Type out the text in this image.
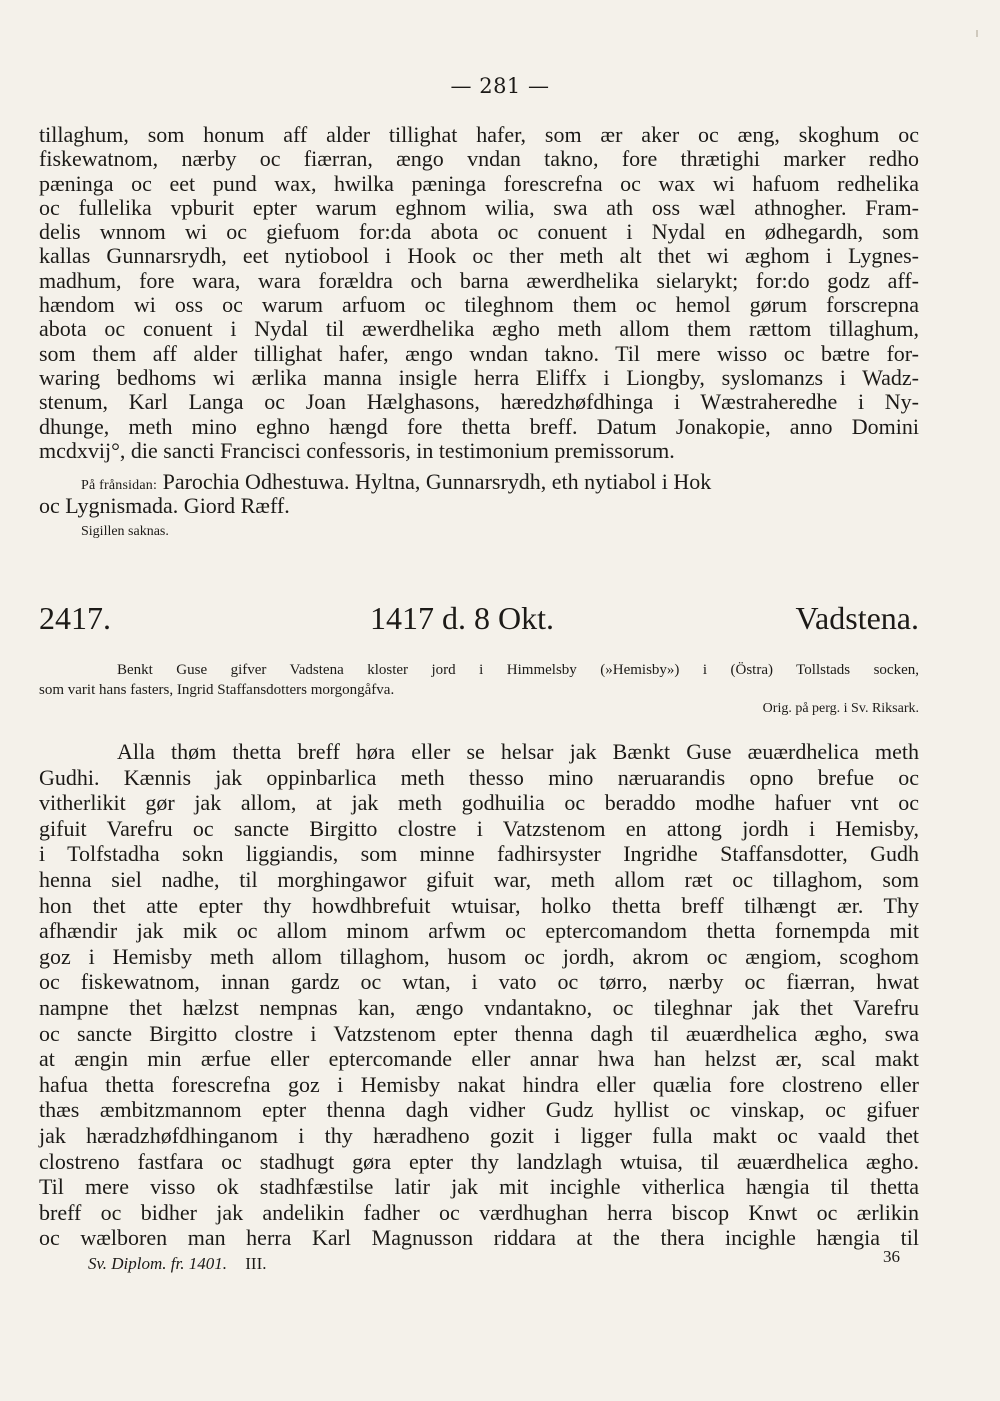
— 281 —
tillaghum, som honum aff alder tillighat hafer, som ær aker oc æng, skoghum oc
fiskewatnom, nærby oc fiærran, ængo vndan takno, fore thrætighi marker redho
pæninga oc eet pund wax, hwilka pæninga forescrefna oc wax wi hafuom redhelika
oc fullelika vpburit epter warum eghnom wilia, swa ath oss wæl athnogher. Fram-
delis wnnom wi oc giefuom for:da abota oc conuent i Nydal en ødhegardh, som
kallas Gunnarsrydh, eet nytiobool i Hook oc ther meth alt thet wi æghom i Lygnes-
madhum, fore wara, wara forældra och barna æwerdhelika sielarykt; for:do godz aff-
hændom wi oss oc warum arfuom oc tileghnom them oc hemol gørum forscrepna
abota oc conuent i Nydal til æwerdhelika ægho meth allom them rættom tillaghum,
som them aff alder tillighat hafer, ængo wndan takno. Til mere wisso oc bætre for-
waring bedhoms wi ærlika manna insigle herra Eliffx i Liongby, syslomanzs i Wadz-
stenum, Karl Langa oc Joan Hælghasons, hæredzhøfdhinga i Wæstraheredhe i Ny-
dhunge, meth mino eghno hængd fore thetta breff. Datum Jonakopie, anno Domini
mcdxvij°, die sancti Francisci confessoris, in testimonium premissorum.
På frånsidan: Parochia Odhestuwa. Hyltna, Gunnarsrydh, eth nytiabol i Hok
oc Lygnismada. Giord Ræff.
Sigillen saknas.
2417.	1417 d. 8 Okt.	Vadstena.
Benkt Guse gifver Vadstena kloster jord i Himmelsby (»Hemisby») i (Östra) Tollstads socken,
som varit hans fasters, Ingrid Staffansdotters morgongåfva.
Orig. på perg. i Sv. Riksark.
Alla thøm thetta breff høra eller se helsar jak Bænkt Guse æuærdhelica meth
Gudhi. Kænnis jak oppinbarlica meth thesso mino næruarandis opno brefue oc
vitherlikit gør jak allom, at jak meth godhuilia oc beraddo modhe hafuer vnt oc
gifuit Varefru oc sancte Birgitto clostre i Vatzstenom en attong jordh i Hemisby,
i Tolfstadha sokn liggiandis, som minne fadhirsyster Ingridhe Staffansdotter, Gudh
henna siel nadhe, til morghingawor gifuit war, meth allom ræt oc tillaghom, som
hon thet atte epter thy howdhbrefuit wtuisar, holko thetta breff tilhængt ær. Thy
afhændir jak mik oc allom minom arfwm oc eptercomandom thetta fornempda mit
goz i Hemisby meth allom tillaghom, husom oc jordh, akrom oc ængiom, scoghom
oc fiskewatnom, innan gardz oc wtan, i vato oc tørro, nærby oc fiærran, hwat
nampne thet hælzst nempnas kan, ængo vndantakno, oc tileghnar jak thet Varefru
oc sancte Birgitto clostre i Vatzstenom epter thenna dagh til æuærdhelica ægho, swa
at ængin min ærfue eller eptercomande eller annar hwa han helzst ær, scal makt
hafua thetta forescrefna goz i Hemisby nakat hindra eller quælia fore clostreno eller
thæs æmbitzmannom epter thenna dagh vidher Gudz hyllist oc vinskap, oc gifuer
jak hæradzhøfdhinganom i thy hæradheno gozit i ligger fulla makt oc vaald thet
clostreno fastfara oc stadhugt gøra epter thy landzlagh wtuisa, til æuærdhelica ægho.
Til mere visso ok stadhfæstilse latir jak mit incighle vitherlica hængia til thetta
breff oc bidher jak andelikin fadher oc værdhughan herra biscop Knwt oc ærlikin
oc wælboren man herra Karl Magnusson riddara at the thera incighle hængia til
Sv. Diplom. fr. 1401. III.	36
